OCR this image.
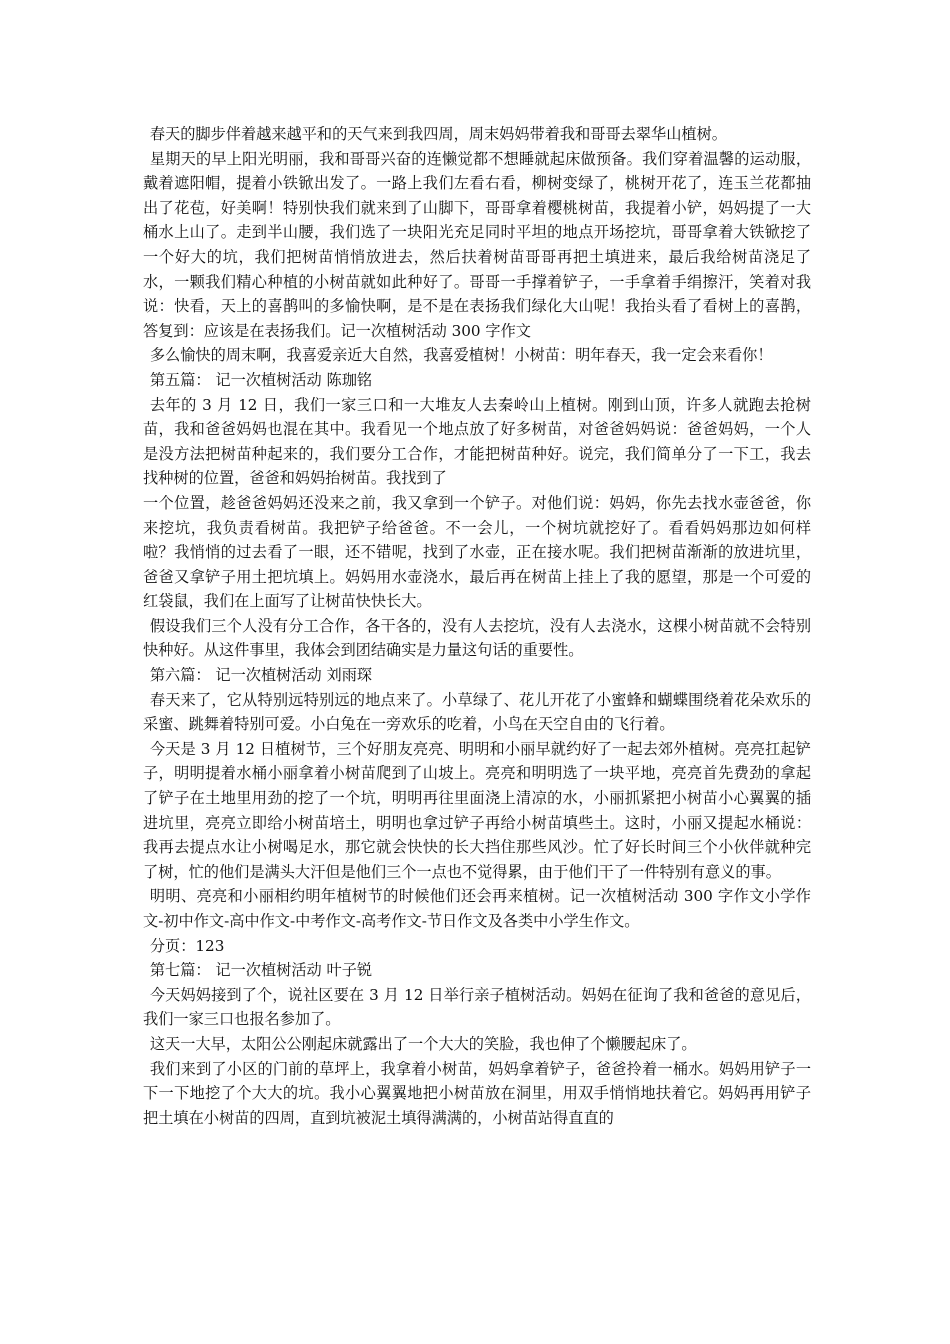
春天的脚步伴着越来越平和的天气来到我四周，周末妈妈带着我和哥哥去翠华山植树。

星期天的早上阳光明丽，我和哥哥兴奋的连懒觉都不想睡就起床做预备。我们穿着温馨的运动服，戴着遮阳帽，提着小铁锨出发了。一路上我们左看右看，柳树变绿了，桃树开花了，连玉兰花都抽出了花苞，好美啊！特别快我们就来到了山脚下，哥哥拿着樱桃树苗，我提着小铲，妈妈提了一大桶水上山了。走到半山腰，我们选了一块阳光充足同时平坦的地点开场挖坑，哥哥拿着大铁锨挖了一个好大的坑，我们把树苗悄悄放进去，然后扶着树苗哥哥再把土填进来，最后我给树苗浇足了水，一颗我们精心种植的小树苗就如此种好了。哥哥一手撑着铲子，一手拿着手绢擦汗，笑着对我说：快看，天上的喜鹊叫的多愉快啊，是不是在表扬我们绿化大山呢！我抬头看了看树上的喜鹊，答复到：应该是在表扬我们。记一次植树活动 300 字作文

多么愉快的周末啊，我喜爱亲近大自然，我喜爱植树！小树苗：明年春天，我一定会来看你！

第五篇： 记一次植树活动 陈珈铭

去年的 3 月 12 日，我们一家三口和一大堆友人去秦岭山上植树。刚到山顶，许多人就跑去抢树苗，我和爸爸妈妈也混在其中。我看见一个地点放了好多树苗，对爸爸妈妈说：爸爸妈妈，一个人是没方法把树苗种起来的，我们要分工合作，才能把树苗种好。说完，我们简单分了一下工，我去找种树的位置，爸爸和妈妈抬树苗。我找到了

一个位置，趁爸爸妈妈还没来之前，我又拿到一个铲子。对他们说：妈妈，你先去找水壶爸爸，你来挖坑，我负责看树苗。我把铲子给爸爸。不一会儿，一个树坑就挖好了。看看妈妈那边如何样啦？我悄悄的过去看了一眼，还不错呢，找到了水壶，正在接水呢。我们把树苗渐渐的放进坑里，爸爸又拿铲子用土把坑填上。妈妈用水壶浇水，最后再在树苗上挂上了我的愿望，那是一个可爱的红袋鼠，我们在上面写了让树苗快快长大。

假设我们三个人没有分工合作，各干各的，没有人去挖坑，没有人去浇水，这棵小树苗就不会特别快种好。从这件事里，我体会到团结确实是力量这句话的重要性。

第六篇： 记一次植树活动 刘雨琛

春天来了，它从特别远特别远的地点来了。小草绿了、花儿开花了小蜜蜂和蝴蝶围绕着花朵欢乐的采蜜、跳舞着特别可爱。小白兔在一旁欢乐的吃着，小鸟在天空自由的飞行着。

今天是 3 月 12 日植树节，三个好朋友亮亮、明明和小丽早就约好了一起去郊外植树。亮亮扛起铲子，明明提着水桶小丽拿着小树苗爬到了山坡上。亮亮和明明选了一块平地，亮亮首先费劲的拿起了铲子在土地里用劲的挖了一个坑，明明再往里面浇上清凉的水，小丽抓紧把小树苗小心翼翼的插进坑里，亮亮立即给小树苗培土，明明也拿过铲子再给小树苗填些土。这时，小丽又提起水桶说：我再去提点水让小树喝足水，那它就会快快的长大挡住那些风沙。忙了好长时间三个小伙伴就种完了树，忙的他们是满头大汗但是他们三个一点也不觉得累，由于他们干了一件特别有意义的事。

明明、亮亮和小丽相约明年植树节的时候他们还会再来植树。记一次植树活动 300 字作文小学作文-初中作文-高中作文-中考作文-高考作文-节日作文及各类中小学生作文。

分页：123

第七篇： 记一次植树活动 叶子锐

今天妈妈接到了个，说社区要在 3 月 12 日举行亲子植树活动。妈妈在征询了我和爸爸的意见后，我们一家三口也报名参加了。

这天一大早，太阳公公刚起床就露出了一个大大的笑脸，我也伸了个懒腰起床了。

我们来到了小区的门前的草坪上，我拿着小树苗，妈妈拿着铲子，爸爸拎着一桶水。妈妈用铲子一下一下地挖了个大大的坑。我小心翼翼地把小树苗放在洞里，用双手悄悄地扶着它。妈妈再用铲子把土填在小树苗的四周，直到坑被泥土填得满满的，小树苗站得直直的
